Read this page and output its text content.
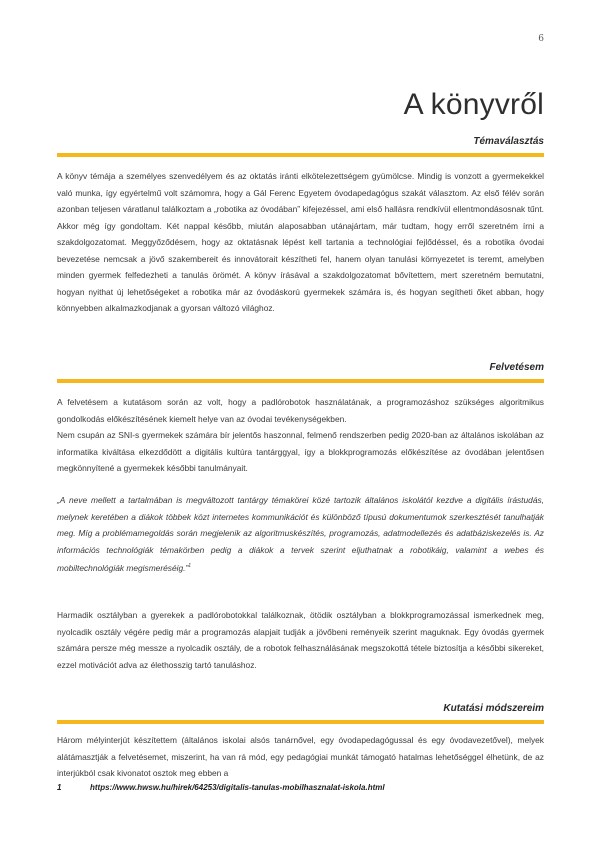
6
A könyvről
Témaválasztás

A könyv témája a személyes szenvedélyem és az oktatás iránti elkötelezettségem gyümölcse. Mindig is vonzott a gyermekekkel való munka, így egyértelmű volt számomra, hogy a Gál Ferenc Egyetem óvodapedagógus szakát választom. Az első félév során azonban teljesen váratlanul találkoztam a „robotika az óvodában” kifejezéssel, ami első hallásra rendkívül ellentmondásosnak tűnt. Akkor még így gondoltam. Két nappal később, miután alaposabban utánajártam, már tudtam, hogy erről szeretném írni a szakdolgozatomat. Meggyőződésem, hogy az oktatásnak lépést kell tartania a technológiai fejlődéssel, és a robotika óvodai bevezetése nemcsak a jövő szakembereit és innovátorait készítheti fel, hanem olyan tanulási környezetet is teremt, amelyben minden gyermek felfedezheti a tanulás örömét. A könyv írásával a szakdolgozatomat bővítettem, mert szeretném bemutatni, hogyan nyithat új lehetőségeket a robotika már az óvodáskorú gyermekek számára is, és hogyan segítheti őket abban, hogy könnyebben alkalmazkodjanak a gyorsan változó világhoz.

Felvetésem

A felvetésem a kutatásom során az volt, hogy a padlórobotok használatának, a programozáshoz szükséges algoritmikus gondolkodás előkészítésének kiemelt helye van az óvodai tevékenységekben.

Nem csupán az SNI-s gyermekek számára bír jelentős haszonnal, felmenő rendszerben pedig 2020-ban az általános iskolában az informatika kiváltása elkezdődött a digitális kultúra tantárggyal, így a blokkprogramozás előkészítése az óvodában jelentősen megkönnyítené a gyermekek későbbi tanulmányait.

„A neve mellett a tartalmában is megváltozott tantárgy témakörei közé tartozik általános iskolától kezdve a digitális írástudás, melynek keretében a diákok többek közt internetes kommunikációt és különböző típusú dokumentumok szerkesztését tanulhatják meg. Míg a problémamegoldás során megjelenik az algoritmuskészítés, programozás, adatmodellezés és adatbáziskezelés is. Az információs technológiák témakörben pedig a diákok a tervek szerint eljuthatnak a robotikáig, valamint a webes és mobiltechnológiák megismeréséig.”$^1$

Harmadik osztályban a gyerekek a padlórobotokkal találkoznak, ötödik osztályban a blokkprogramozással ismerkednek meg, nyolcadik osztály végére pedig már a programozás alapjait tudják a jövőbeni reményeik szerint maguknak. Egy óvodás gyermek számára persze még messze a nyolcadik osztály, de a robotok felhasználásának megszokottá tétele biztosítja a későbbi sikereket, ezzel motivációt adva az élethosszig tartó tanuláshoz.

Kutatási módszereim

Három mélyinterjút készítettem (általános iskolai alsós tanárnővel, egy óvodapedagógussal és egy óvodavezetővel), melyek alátámasztják a felvetésemet, miszerint, ha van rá mód, egy pedagógiai munkát támogató hatalmas lehetőséggel élhetünk, de az interjúkból csak kivonatot osztok meg ebben a

1	https://www.hwsw.hu/hirek/64253/digitalis-tanulas-mobilhasznalat-iskola.html
